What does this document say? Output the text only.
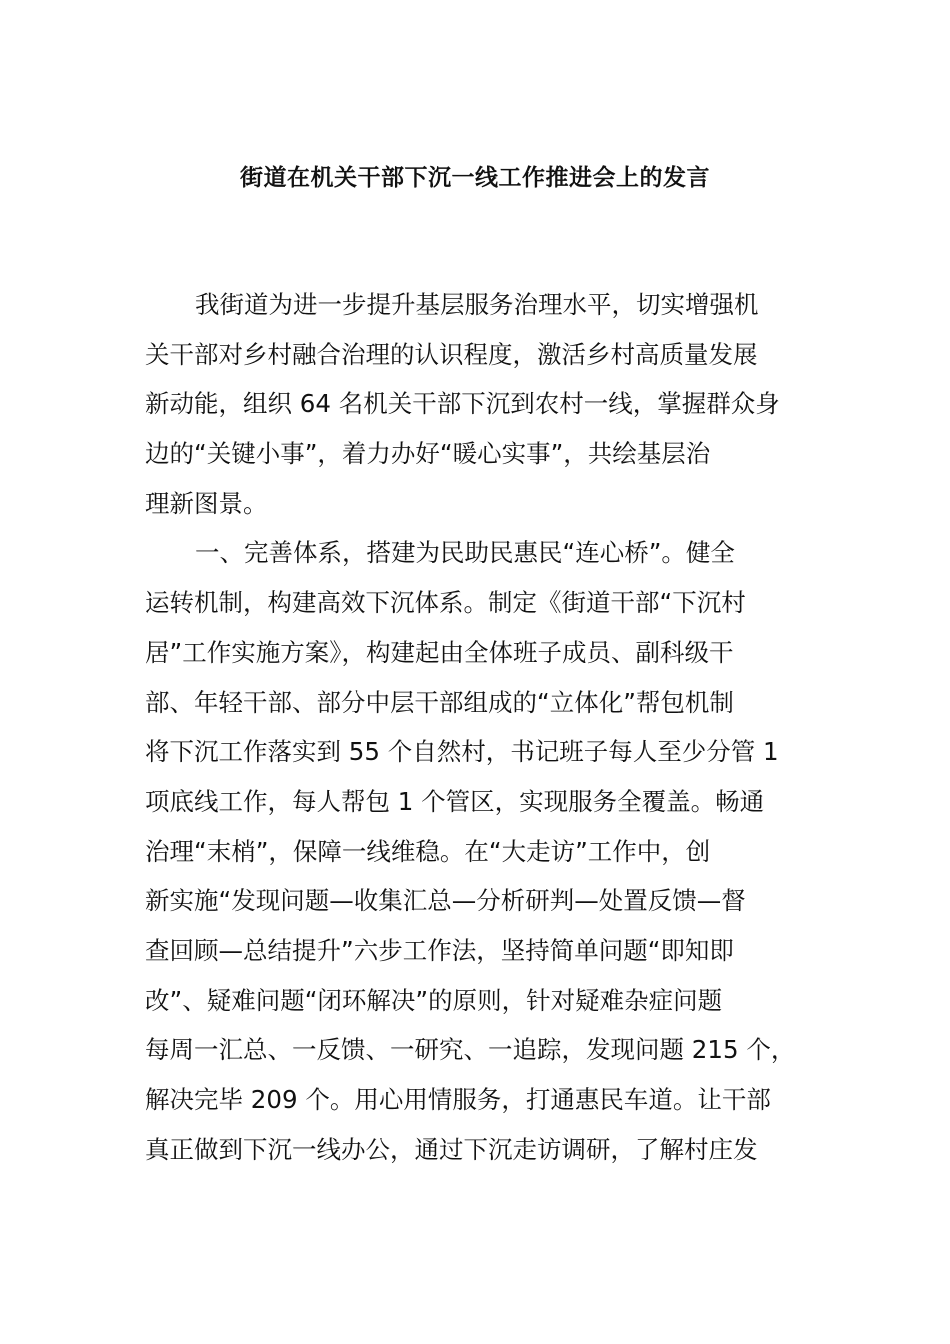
街道在机关干部下沉一线工作推进会上的发言
我街道为进一步提升基层服务治理水平，切实增强机
关干部对乡村融合治理的认识程度，激活乡村高质量发展
新动能，组织 64 名机关干部下沉到农村一线，掌握群众身
边的“关键小事”，着力办好“暖心实事”，共绘基层治
理新图景。
一、完善体系，搭建为民助民惠民“连心桥”。健全
运转机制，构建高效下沉体系。制定《街道干部“下沉村
居”工作实施方案》，构建起由全体班子成员、副科级干
部、年轻干部、部分中层干部组成的“立体化”帮包机制
将下沉工作落实到 55 个自然村，书记班子每人至少分管 1
项底线工作，每人帮包 1 个管区，实现服务全覆盖。畅通
治理“末梢”，保障一线维稳。在“大走访”工作中，创
新实施“发现问题—收集汇总—分析研判—处置反馈—督
查回顾—总结提升”六步工作法，坚持简单问题“即知即
改”、疑难问题“闭环解决”的原则，针对疑难杂症问题
每周一汇总、一反馈、一研究、一追踪，发现问题 215 个，
解决完毕 209 个。用心用情服务，打通惠民车道。让干部
真正做到下沉一线办公，通过下沉走访调研，了解村庄发
